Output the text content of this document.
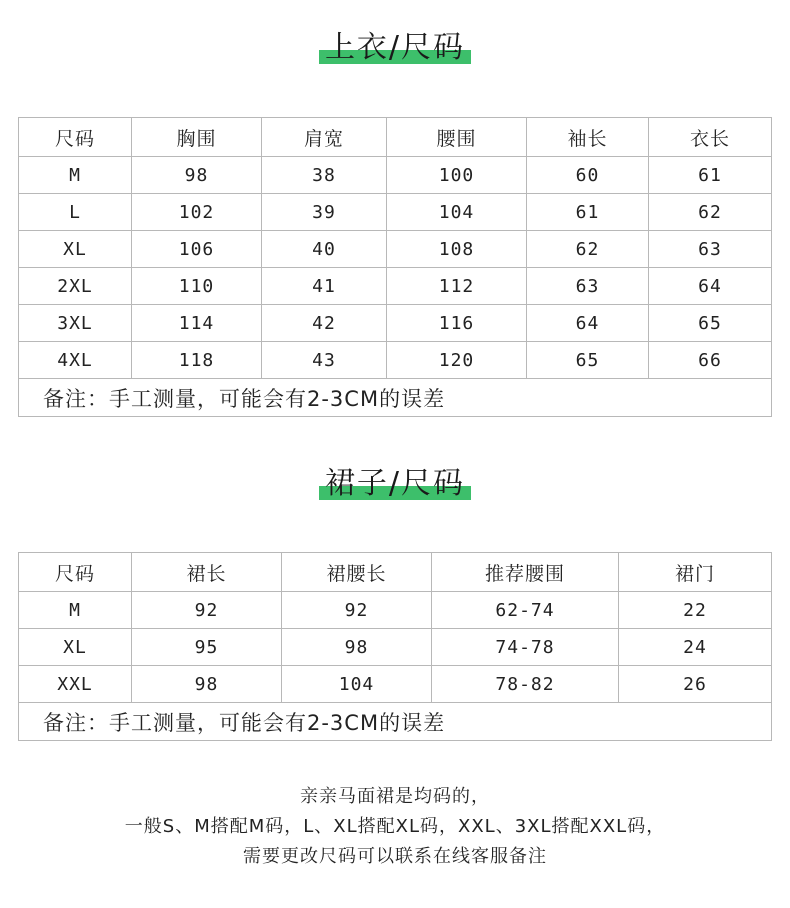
上衣/尺码
尺码	胸围	肩宽	腰围	袖长	衣长
M	98	38	100	60	61
L	102	39	104	61	62
XL	106	40	108	62	63
2XL	110	41	112	63	64
3XL	114	42	116	64	65
4XL	118	43	120	65	66
备注：手工测量，可能会有2-3CM的误差					
裙子/尺码
尺码	裙长	裙腰长	推荐腰围	裙门
M	92	92	62-74	22
XL	95	98	74-78	24
XXL	98	104	78-82	26
备注：手工测量，可能会有2-3CM的误差				
亲亲马面裙是均码的，
一般S、M搭配M码，L、XL搭配XL码，XXL、3XL搭配XXL码，
需要更改尺码可以联系在线客服备注
